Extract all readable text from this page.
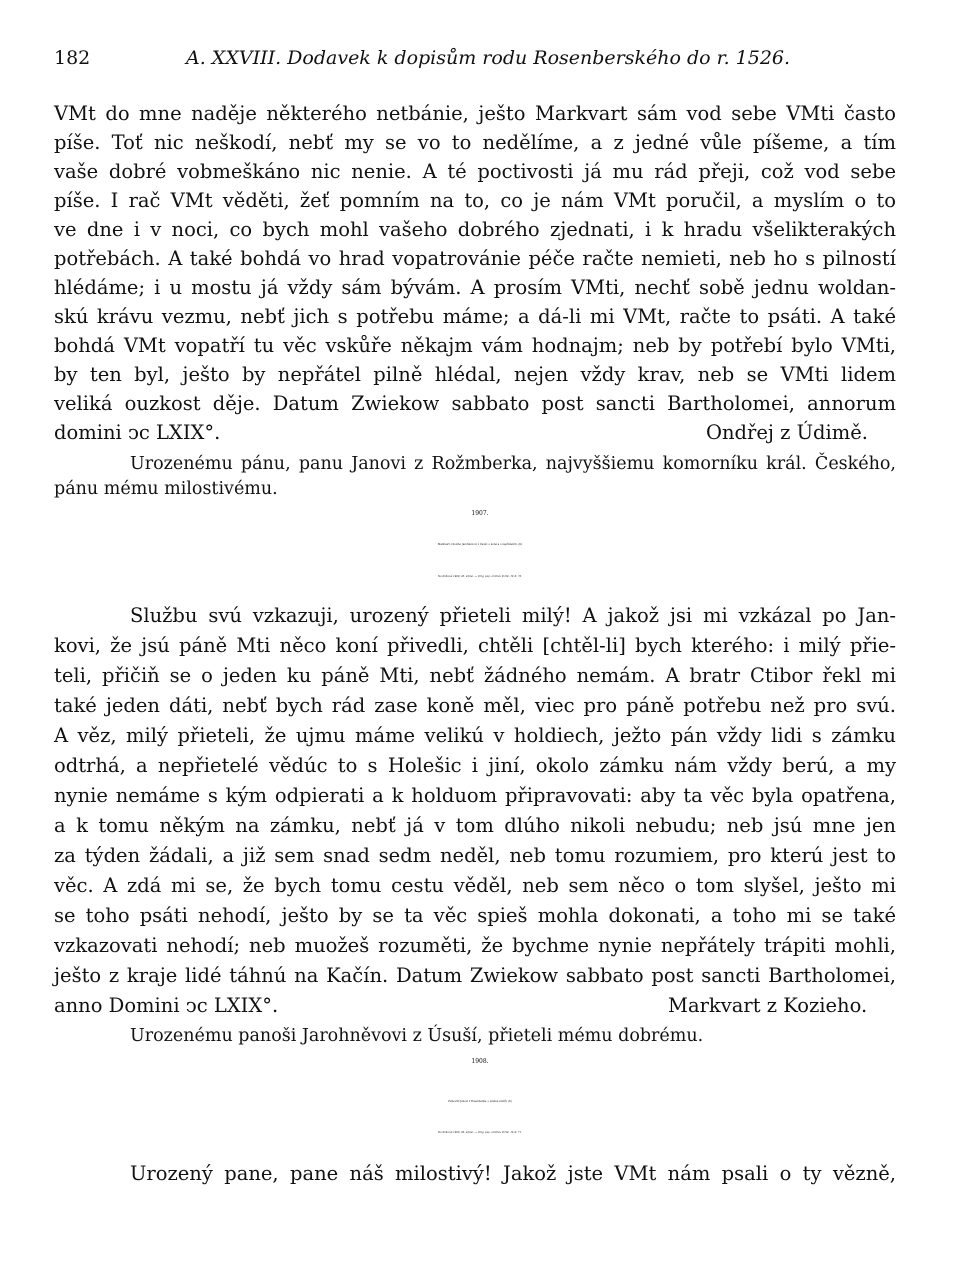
182	A. XXVIII. Dodavek k dopisům rodu Rosenberského do r. 1526.
VMt do mne naděje některého netbánie, ješto Markvart sám vod sebe VMti často
píše. Toť nic neškodí, nebť my se vo to nedělíme, a z jedné vůle píšeme, a tím
vaše dobré vobmeškáno nic nenie. A té poctivosti já mu rád přeji, což vod sebe
píše. I rač VMt věděti, žeť pomním na to, co je nám VMt poručil, a myslím o to
ve dne i v noci, co bych mohl vašeho dobrého zjednati, i k hradu všelikterakých
potřebách. A také bohdá vo hrad vopatrovánie péče račte nemieti, neb ho s pilností
hlédáme; i u mostu já vždy sám bývám. A prosím VMti, nechť sobě jednu woldan-
skú krávu vezmu, nebť jich s potřebu máme; a dá-li mi VMt, račte to psáti. A také
bohdá VMt vopatří tu věc vskůře někajm vám hodnajm; neb by potřebí bylo VMti,
by ten byl, ješto by nepřátel pilně hlédal, nejen vždy krav, neb se VMti lidem
veliká ouzkost děje. Datum Zwiekow sabbato post sancti Bartholomei, annorum
domini ↄc LXIX°.	Ondřej z Údimě.
Urozenému pánu, panu Janovi z Rožmberka, najvyššiemu komorníku král. Českého,
pánu mému milostivému.
1907.
Markvart z Kozího Jarohněvovi z Úsuší: o koně a o nepřátelích. (K)
Na Zvíkově 1469, 26. srpna. — Orig. pap. archivu Vorlic. IV. K. 70.
Službu svú vzkazuji, urozený přieteli milý! A jakož jsi mi vzkázal po Jan-
kovi, že jsú páně Mti něco koní přivedli, chtěli [chtěl-li] bych kterého: i milý přie-
teli, přičiň se o jeden ku páně Mti, nebť žádného nemám. A bratr Ctibor řekl mi
také jeden dáti, nebť bych rád zase koně měl, viec pro páně potřebu než pro svú.
A věz, milý přieteli, že ujmu máme velikú v holdiech, ježto pán vždy lidi s zámku
odtrhá, a nepřietelé vědúc to s Holešic i jiní, okolo zámku nám vždy berú, a my
nynie nemáme s kým odpierati a k holduom připravovati: aby ta věc byla opatřena,
a k tomu někým na zámku, nebť já v tom dlúho nikoli nebudu; neb jsú mne jen
za týden žádali, a již sem snad sedm neděl, neb tomu rozumiem, pro kterú jest to
věc. A zdá mi se, že bych tomu cestu věděl, neb sem něco o tom slyšel, ješto mi
se toho psáti nehodí, ješto by se ta věc spieš mohla dokonati, a toho mi se také
vzkazovati nehodí; neb muožeš rozuměti, že bychme nynie nepřátely trápiti mohli,
ješto z kraje lidé táhnú na Kačín. Datum Zwiekow sabbato post sancti Bartholomei,
anno Domini ↄc LXIX°.	Markvart z Kozieho.
Urozenému panoši Jarohněvovi z Úsuší, přieteli mému dobrému.
1908.
Zvíkovští Janovi z Rosenberka: o směnu vězňů. (K)
Na Zvíkově 1469, 26. srpna. — Orig. pap. archivu Vorlic. IV. K. 71.
Urozený pane, pane náš milostivý! Jakož jste VMt nám psali o ty vězně,
